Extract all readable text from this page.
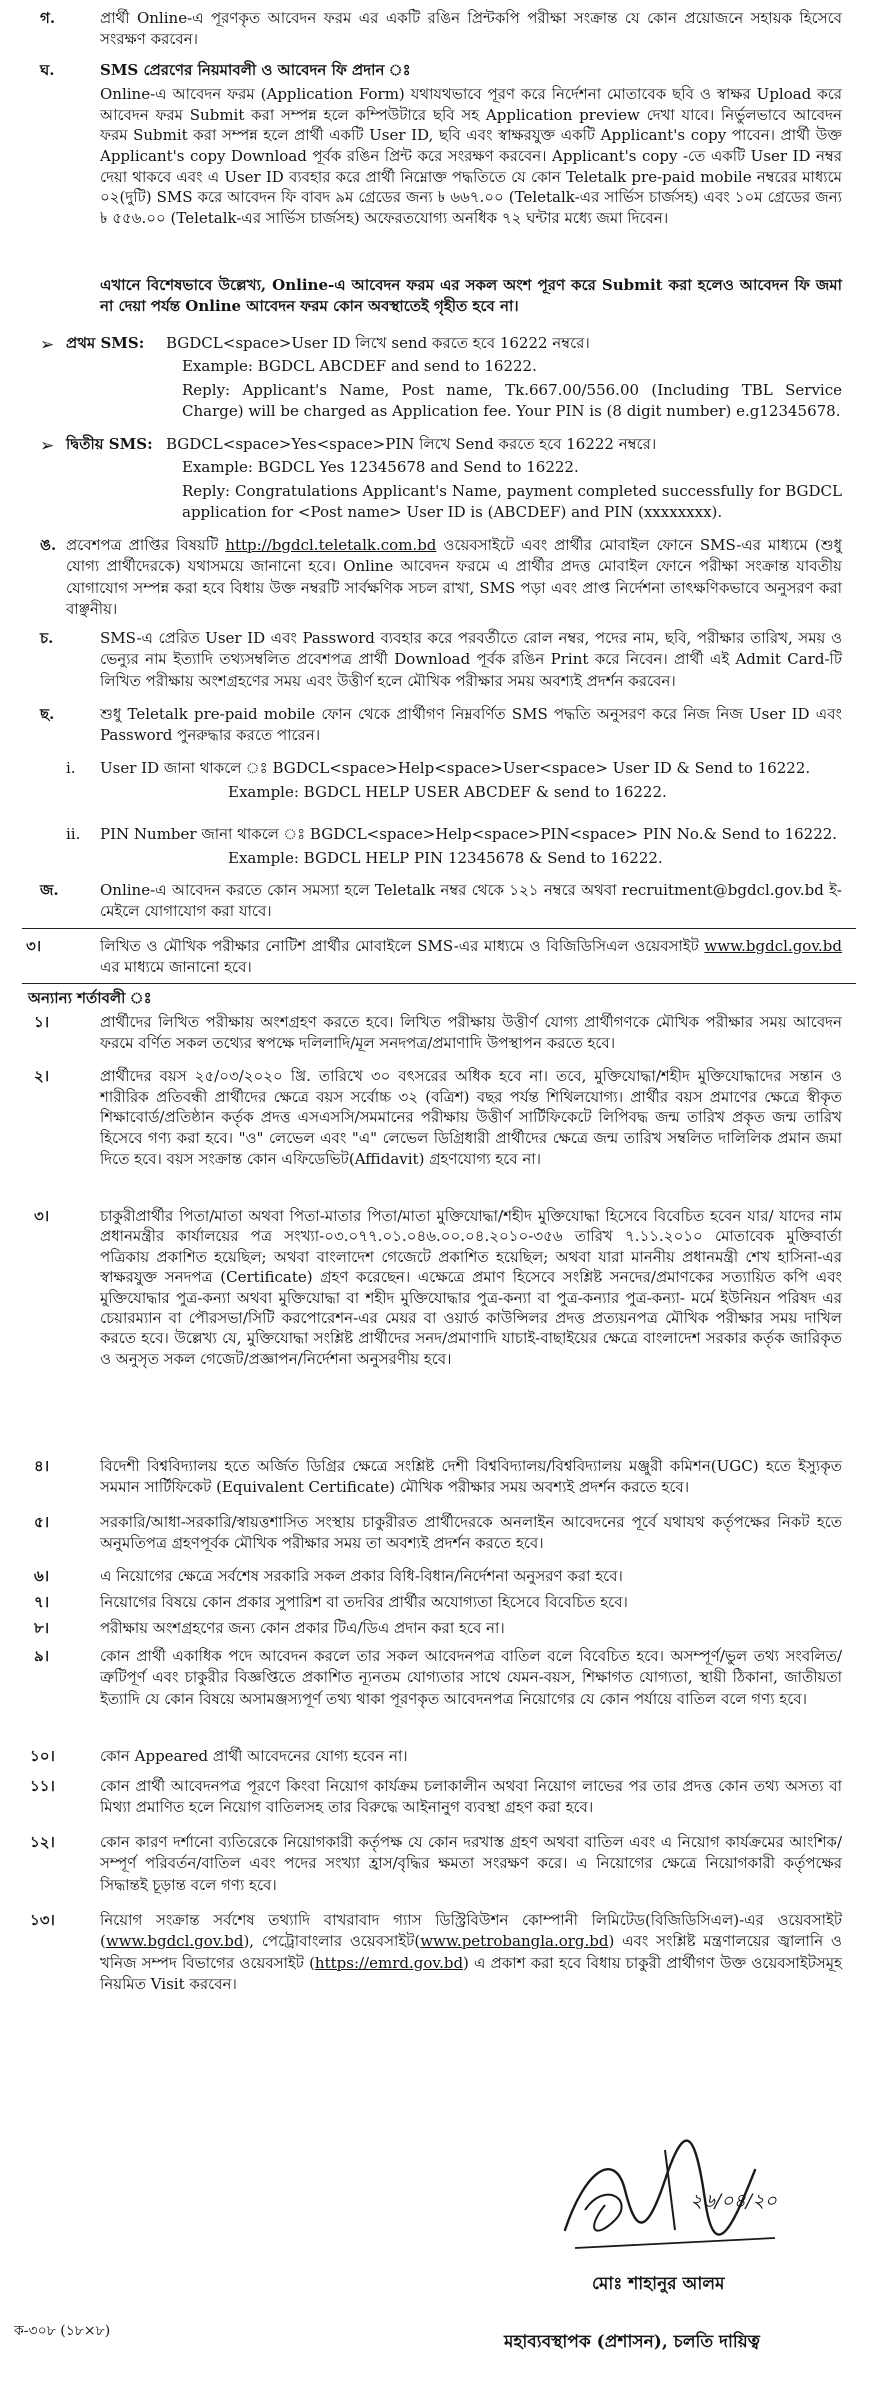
গ.	প্রার্থী Online-এ পূরণকৃত আবেদন ফরম এর একটি রঙিন প্রিন্টকপি পরীক্ষা সংক্রান্ত যে কোন প্রয়োজনে সহায়ক হিসেবে সংরক্ষণ করবেন।

ঘ.	SMS প্রেরণের নিয়মাবলী ও আবেদন ফি প্রদান ঃ

Online-এ আবেদন ফরম (Application Form) যথাযথভাবে পূরণ করে নির্দেশনা মোতাবেক ছবি ও স্বাক্ষর Upload করে আবেদন ফরম Submit করা সম্পন্ন হলে কম্পিউটারে ছবি সহ Application preview দেখা যাবে। নির্ভুলভাবে আবেদন ফরম Submit করা সম্পন্ন হলে প্রার্থী একটি User ID, ছবি এবং স্বাক্ষরযুক্ত একটি Applicant's copy পাবেন। প্রার্থী উক্ত Applicant's copy Download পূর্বক রঙিন প্রিন্ট করে সংরক্ষণ করবেন। Applicant's copy -তে একটি User ID নম্বর দেয়া থাকবে এবং এ User ID ব্যবহার করে প্রার্থী নিম্নোক্ত পদ্ধতিতে যে কোন Teletalk pre-paid mobile নম্বরের মাধ্যমে ০২(দুটি) SMS করে আবেদন ফি বাবদ ৯ম গ্রেডের জন্য ৳ ৬৬৭.০০ (Teletalk-এর সার্ভিস চার্জসহ) এবং ১০ম গ্রেডের জন্য ৳ ৫৫৬.০০ (Teletalk-এর সার্ভিস চার্জসহ) অফেরতযোগ্য অনধিক ৭২ ঘন্টার মধ্যে জমা দিবেন।

এখানে বিশেষভাবে উল্লেখ্য, Online-এ আবেদন ফরম এর সকল অংশ পূরণ করে Submit করা হলেও আবেদন ফি জমা না দেয়া পর্যন্ত Online আবেদন ফরম কোন অবস্থাতেই গৃহীত হবে না।

➢ প্রথম SMS: BGDCL<space>User ID লিখে send করতে হবে 16222 নম্বরে।
Example: BGDCL ABCDEF and send to 16222.

Reply: Applicant's Name, Post name, Tk.667.00/556.00 (Including TBL Service Charge) will be charged as Application fee. Your PIN is (8 digit number) e.g12345678.

➢ দ্বিতীয় SMS: BGDCL<space>Yes<space>PIN লিখে Send করতে হবে 16222 নম্বরে।
Example: BGDCL Yes 12345678 and Send to 16222.

Reply: Congratulations Applicant's Name, payment completed successfully for BGDCL application for <Post name> User ID is (ABCDEF) and PIN (xxxxxxxx).

ঙ. প্রবেশপত্র প্রাপ্তির বিষয়টি http://bgdcl.teletalk.com.bd ওয়েবসাইটে এবং প্রার্থীর মোবাইল ফোনে SMS-এর মাধ্যমে (শুধু যোগ্য প্রার্থীদেরকে) যথাসময়ে জানানো হবে। Online আবেদন ফরমে এ প্রার্থীর প্রদত্ত মোবাইল ফোনে পরীক্ষা সংক্রান্ত যাবতীয় যোগাযোগ সম্পন্ন করা হবে বিধায় উক্ত নম্বরটি সার্বক্ষণিক সচল রাখা, SMS পড়া এবং প্রাপ্ত নির্দেশনা তাৎক্ষণিকভাবে অনুসরণ করা বাঞ্ছনীয়।

চ.	SMS-এ প্রেরিত User ID এবং Password ব্যবহার করে পরবর্তীতে রোল নম্বর, পদের নাম, ছবি, পরীক্ষার তারিখ, সময় ও ভেন্যুর নাম ইত্যাদি তথ্যসম্বলিত প্রবেশপত্র প্রার্থী Download পূর্বক রঙিন Print করে নিবেন। প্রার্থী এই Admit Card-টি লিখিত পরীক্ষায় অংশগ্রহণের সময় এবং উত্তীর্ণ হলে মৌখিক পরীক্ষার সময় অবশ্যই প্রদর্শন করবেন।

ছ.	শুধু Teletalk pre-paid mobile ফোন থেকে প্রার্থীগণ নিম্নবর্ণিত SMS পদ্ধতি অনুসরণ করে নিজ নিজ User ID এবং Password পুনরুদ্ধার করতে পারেন।

i. User ID জানা থাকলে ঃ BGDCL<space>Help<space>User<space> User ID & Send to 16222.
Example: BGDCL HELP USER ABCDEF & send to 16222.
ii. PIN Number জানা থাকলে ঃ BGDCL<space>Help<space>PIN<space> PIN No.& Send to 16222.
Example: BGDCL HELP PIN 12345678 & Send to 16222.
জ.	Online-এ আবেদন করতে কোন সমস্যা হলে Teletalk নম্বর থেকে ১২১ নম্বরে অথবা recruitment@bgdcl.gov.bd ই-মেইলে যোগাযোগ করা যাবে।

৩।	লিখিত ও মৌখিক পরীক্ষার নোটিশ প্রার্থীর মোবাইলে SMS-এর মাধ্যমে ও বিজিডিসিএল ওয়েবসাইট www.bgdcl.gov.bd এর মাধ্যমে জানানো হবে।

অন্যান্য শর্তাবলী ঃ

১।	প্রার্থীদের লিখিত পরীক্ষায় অংশগ্রহণ করতে হবে। লিখিত পরীক্ষায় উত্তীর্ণ যোগ্য প্রার্থীগণকে মৌখিক পরীক্ষার সময় আবেদন ফরমে বর্ণিত সকল তথ্যের স্বপক্ষে দলিলাদি/মূল সনদপত্র/প্রমাণাদি উপস্থাপন করতে হবে।

২।	প্রার্থীদের বয়স ২৫/০৩/২০২০ খ্রি. তারিখে ৩০ বৎসরের অধিক হবে না। তবে, মুক্তিযোদ্ধা/শহীদ মুক্তিযোদ্ধাদের সন্তান ও শারীরিক প্রতিবন্ধী প্রার্থীদের ক্ষেত্রে বয়স সর্বোচ্চ ৩২ (বত্রিশ) বছর পর্যন্ত শিথিলযোগ্য। প্রার্থীর বয়স প্রমাণের ক্ষেত্রে স্বীকৃত শিক্ষাবোর্ড/প্রতিষ্ঠান কর্তৃক প্রদত্ত এসএসসি/সমমানের পরীক্ষায় উত্তীর্ণ সার্টিফিকেটে লিপিবদ্ধ জন্ম তারিখ প্রকৃত জন্ম তারিখ হিসেবে গণ্য করা হবে। "ও" লেভেল এবং "এ" লেভেল ডিগ্রিধারী প্রার্থীদের ক্ষেত্রে জন্ম তারিখ সম্বলিত দালিলিক প্রমান জমা দিতে হবে। বয়স সংক্রান্ত কোন এফিডেভিট(Affidavit) গ্রহণযোগ্য হবে না।

৩।	চাকুরীপ্রার্থীর পিতা/মাতা অথবা পিতা-মাতার পিতা/মাতা মুক্তিযোদ্ধা/শহীদ মুক্তিযোদ্ধা হিসেবে বিবেচিত হবেন যার/ যাদের নাম প্রধানমন্ত্রীর কার্যালয়ের পত্র সংখ্যা-০৩.০৭৭.০১.০৪৬.০০.০৪.২০১০-৩৫৬ তারিখ ৭.১১.২০১০ মোতাবেক মুক্তিবার্তা পত্রিকায় প্রকাশিত হয়েছিল; অথবা বাংলাদেশ গেজেটে প্রকাশিত হয়েছিল; অথবা যারা মাননীয় প্রধানমন্ত্রী শেখ হাসিনা-এর স্বাক্ষরযুক্ত সনদপত্র (Certificate) গ্রহণ করেছেন। এক্ষেত্রে প্রমাণ হিসেবে সংশ্লিষ্ট সনদের/প্রমাণকের সত্যায়িত কপি এবং মুক্তিযোদ্ধার পুত্র-কন্যা অথবা মুক্তিযোদ্ধা বা শহীদ মুক্তিযোদ্ধার পুত্র-কন্যা বা পুত্র-কন্যার পুত্র-কন্যা- মর্মে ইউনিয়ন পরিষদ এর চেয়ারম্যান বা পৌরসভা/সিটি করপোরেশন-এর মেয়র বা ওয়ার্ড কাউন্সিলর প্রদত্ত প্রত্যয়নপত্র মৌখিক পরীক্ষার সময় দাখিল করতে হবে। উল্লেখ্য যে, মুক্তিযোদ্ধা সংশ্লিষ্ট প্রার্থীদের সনদ/প্রমাণাদি যাচাই-বাছাইয়ের ক্ষেত্রে বাংলাদেশ সরকার কর্তৃক জারিকৃত ও অনুসৃত সকল গেজেট/প্রজ্ঞাপন/নির্দেশনা অনুসরণীয় হবে।

৪।	বিদেশী বিশ্ববিদ্যালয় হতে অর্জিত ডিগ্রির ক্ষেত্রে সংশ্লিষ্ট দেশী বিশ্ববিদ্যালয়/বিশ্ববিদ্যালয় মঞ্জুরী কমিশন(UGC) হতে ইস্যুকৃত সমমান সার্টিফিকেট (Equivalent Certificate) মৌখিক পরীক্ষার সময় অবশ্যই প্রদর্শন করতে হবে।

৫।	সরকারি/আধা-সরকারি/স্বায়ত্তশাসিত সংস্থায় চাকুরীরত প্রার্থীদেরকে অনলাইন আবেদনের পূর্বে যথাযথ কর্তৃপক্ষের নিকট হতে অনুমতিপত্র গ্রহণপূর্বক মৌখিক পরীক্ষার সময় তা অবশ্যই প্রদর্শন করতে হবে।

৬।	এ নিয়োগের ক্ষেত্রে সর্বশেষ সরকারি সকল প্রকার বিধি-বিধান/নির্দেশনা অনুসরণ করা হবে।

৭।	নিয়োগের বিষয়ে কোন প্রকার সুপারিশ বা তদবির প্রার্থীর অযোগ্যতা হিসেবে বিবেচিত হবে।

৮।	পরীক্ষায় অংশগ্রহণের জন্য কোন প্রকার টিএ/ডিএ প্রদান করা হবে না।

৯।	কোন প্রার্থী একাধিক পদে আবেদন করলে তার সকল আবেদনপত্র বাতিল বলে বিবেচিত হবে। অসম্পূর্ণ/ভুল তথ্য সংবলিত/ত্রুটিপূর্ণ এবং চাকুরীর বিজ্ঞপ্তিতে প্রকাশিত ন্যূনতম যোগ্যতার সাথে যেমন-বয়স, শিক্ষাগত যোগ্যতা, স্থায়ী ঠিকানা, জাতীয়তা ইত্যাদি যে কোন বিষয়ে অসামঞ্জস্যপূর্ণ তথ্য থাকা পূরণকৃত আবেদনপত্র নিয়োগের যে কোন পর্যায়ে বাতিল বলে গণ্য হবে।

১০।	কোন Appeared প্রার্থী আবেদনের যোগ্য হবেন না।

১১।	কোন প্রার্থী আবেদনপত্র পূরণে কিংবা নিয়োগ কার্যক্রম চলাকালীন অথবা নিয়োগ লাভের পর তার প্রদত্ত কোন তথ্য অসত্য বা মিথ্যা প্রমাণিত হলে নিয়োগ বাতিলসহ তার বিরুদ্ধে আইনানুগ ব্যবস্থা গ্রহণ করা হবে।

১২।	কোন কারণ দর্শানো ব্যতিরেকে নিয়োগকারী কর্তৃপক্ষ যে কোন দরখাস্ত গ্রহণ অথবা বাতিল এবং এ নিয়োগ কার্যক্রমের আংশিক/সম্পূর্ণ পরিবর্তন/বাতিল এবং পদের সংখ্যা হ্রাস/বৃদ্ধির ক্ষমতা সংরক্ষণ করে। এ নিয়োগের ক্ষেত্রে নিয়োগকারী কর্তৃপক্ষের সিদ্ধান্তই চূড়ান্ত বলে গণ্য হবে।

১৩।	নিয়োগ সংক্রান্ত সর্বশেষ তথ্যাদি বাখরাবাদ গ্যাস ডিস্ট্রিবিউশন কোম্পানী লিমিটেড(বিজিডিসিএল)-এর ওয়েবসাইট (www.bgdcl.gov.bd), পেট্রোবাংলার ওয়েবসাইট(www.petrobangla.org.bd) এবং সংশ্লিষ্ট মন্ত্রণালয়ের জ্বালানি ও খনিজ সম্পদ বিভাগের ওয়েবসাইট (https://emrd.gov.bd) এ প্রকাশ করা হবে বিধায় চাকুরী প্রার্থীগণ উক্ত ওয়েবসাইটসমূহ নিয়মিত Visit করবেন।

২৬/০৪/২০

মোঃ শাহানুর আলম

মহাব্যবস্থাপক (প্রশাসন), চলতি দায়িত্ব

ক-৩০৮ (১৮×৮)
